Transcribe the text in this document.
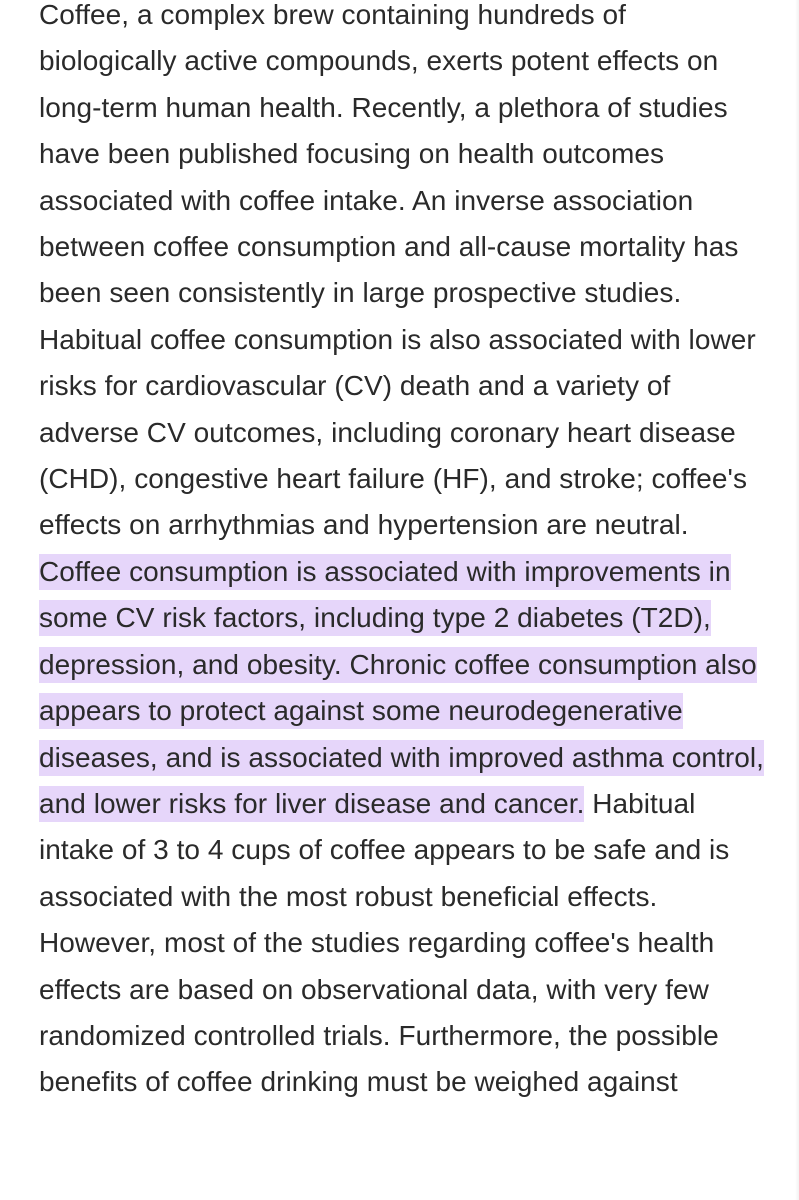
Coffee, a complex brew containing hundreds of biologically active compounds, exerts potent effects on long-term human health. Recently, a plethora of studies have been published focusing on health outcomes associated with coffee intake. An inverse association between coffee consumption and all-cause mortality has been seen consistently in large prospective studies. Habitual coffee consumption is also associated with lower risks for cardiovascular (CV) death and a variety of adverse CV outcomes, including coronary heart disease (CHD), congestive heart failure (HF), and stroke; coffee's effects on arrhythmias and hypertension are neutral. Coffee consumption is associated with improvements in some CV risk factors, including type 2 diabetes (T2D), depression, and obesity. Chronic coffee consumption also appears to protect against some neurodegenerative diseases, and is associated with improved asthma control, and lower risks for liver disease and cancer. Habitual intake of 3 to 4 cups of coffee appears to be safe and is associated with the most robust beneficial effects. However, most of the studies regarding coffee's health effects are based on observational data, with very few randomized controlled trials. Furthermore, the possible benefits of coffee drinking must be weighed against
